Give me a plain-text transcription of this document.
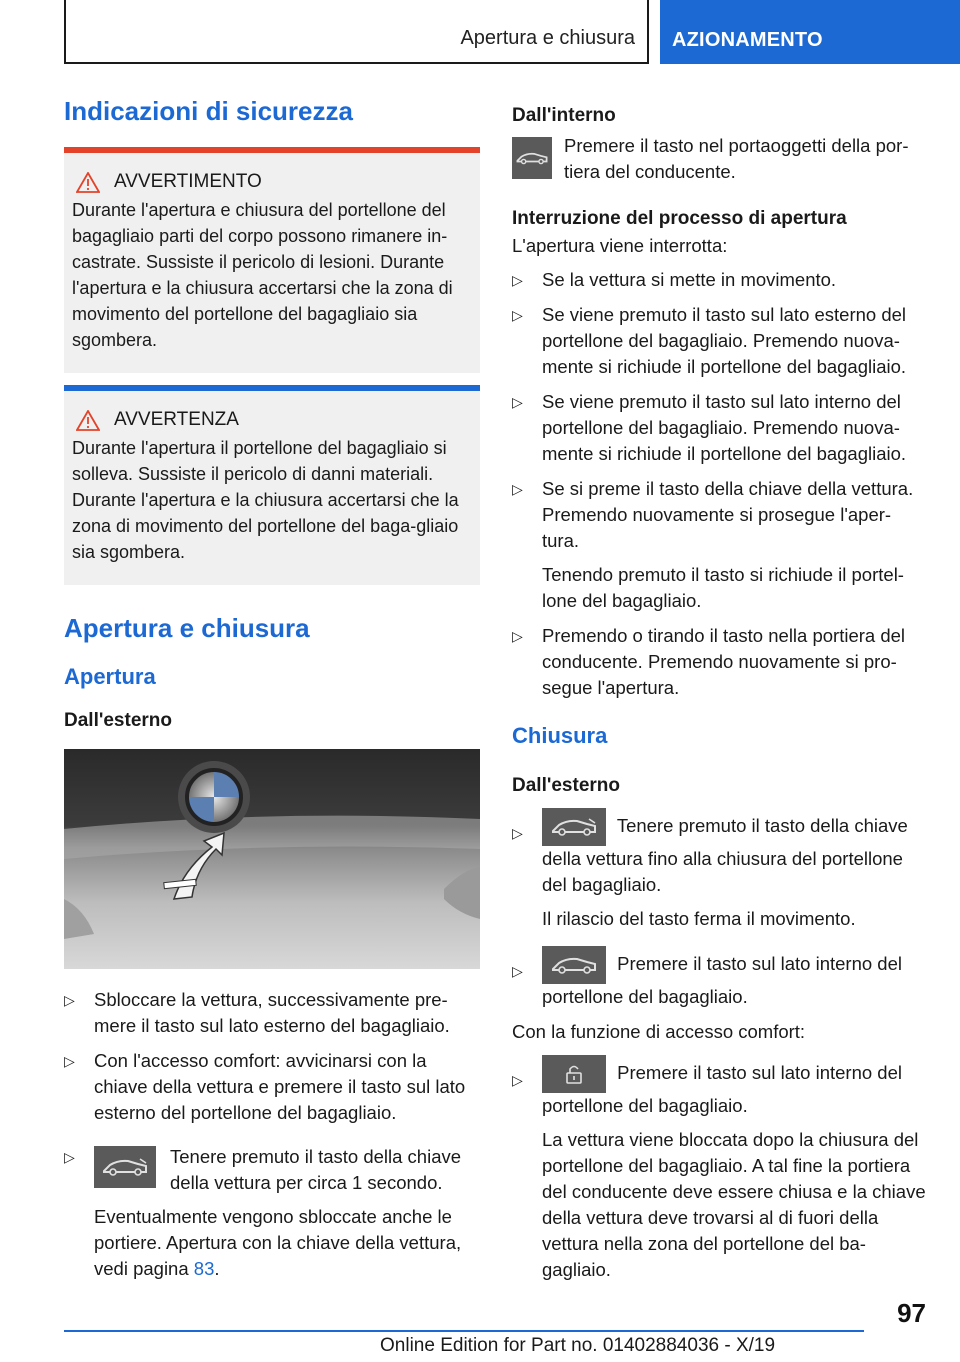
Apertura e chiusura AZIONAMENTO
Indicazioni di sicurezza
AVVERTIMENTO

Durante l'apertura e chiusura del portellone del bagagliaio parti del corpo possono rimanere in-castrate. Sussiste il pericolo di lesioni. Durante l'apertura e la chiusura accertarsi che la zona di movimento del portellone del bagagliaio sia sgombera.

AVVERTENZA

Durante l'apertura il portellone del bagagliaio si solleva. Sussiste il pericolo di danni materiali. Durante l'apertura e la chiusura accertarsi che la zona di movimento del portellone del baga-gliaio sia sgombera.

Apertura e chiusura
Apertura
Dall'esterno
▷ Sbloccare la vettura, successivamente pre-mere il tasto sul lato esterno del bagagliaio.
▷ Con l'accesso comfort: avvicinarsi con la chiave della vettura e premere il tasto sul lato esterno del portellone del bagagliaio.
▷	Tenere premuto il tasto della chiave della vettura per circa 1 secondo.

Eventualmente vengono sbloccate anche le portiere. Apertura con la chiave della vettura, vedi pagina 83.

Dall'interno

Premere il tasto nel portaoggetti della por-tiera del conducente.

Interruzione del processo di apertura

L'apertura viene interrotta:

▷ Se la vettura si mette in movimento.
▷ Se viene premuto il tasto sul lato esterno del portellone del bagagliaio. Premendo nuova-mente si richiude il portellone del bagagliaio.
▷ Se viene premuto il tasto sul lato interno del portellone del bagagliaio. Premendo nuova-mente si richiude il portellone del bagagliaio.
▷ Se si preme il tasto della chiave della vettura. Premendo nuovamente si prosegue l'aper-tura.

Tenendo premuto il tasto si richiude il portel-lone del bagagliaio.

▷ Premendo o tirando il tasto nella portiera del conducente. Premendo nuovamente si pro-segue l'apertura.
Chiusura
Dall'esterno
▷	Tenere premuto il tasto della chiave della vettura fino alla chiusura del portellone del bagagliaio.

Il rilascio del tasto ferma il movimento.

▷	Premere il tasto sul lato interno del portellone del bagagliaio.

Con la funzione di accesso comfort:

▷	Premere il tasto sul lato interno del portellone del bagagliaio.

La vettura viene bloccata dopo la chiusura del portellone del bagagliaio. A tal fine la portiera del conducente deve essere chiusa e la chiave della vettura deve trovarsi al di fuori della vettura nella zona del portellone del ba-gagliaio.

97
Online Edition for Part no. 01402884036 - X/19
